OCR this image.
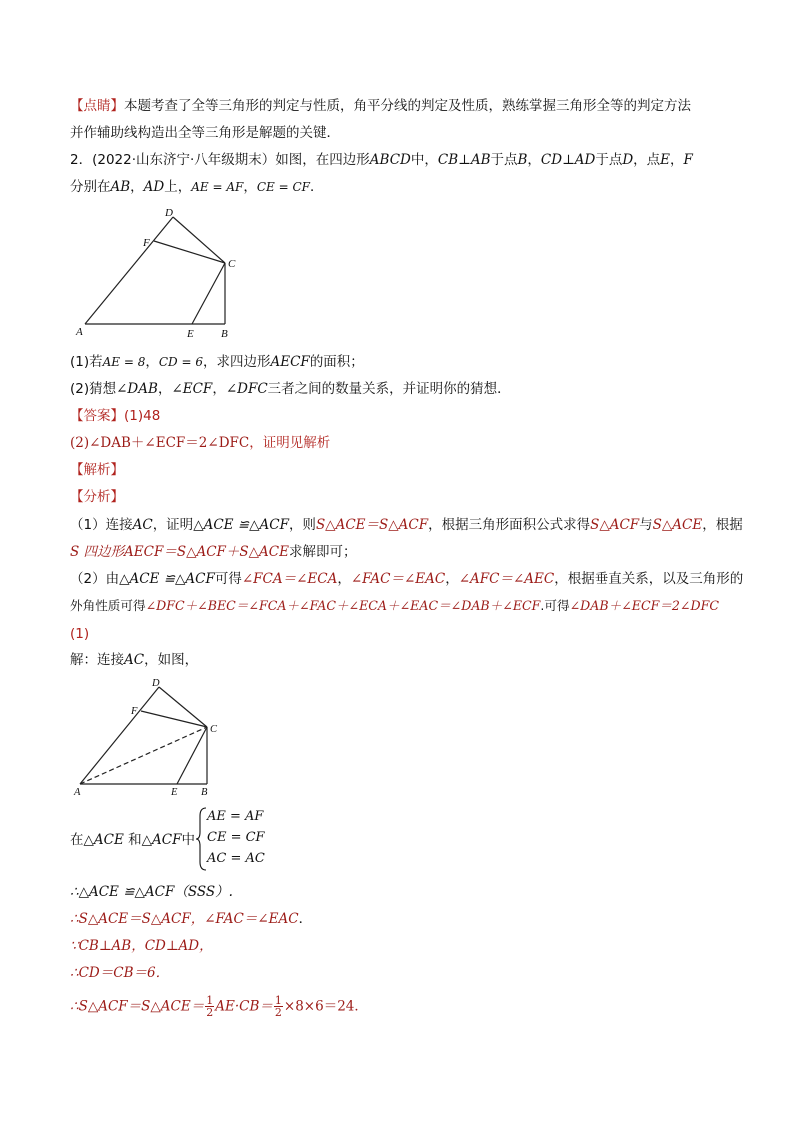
【点睛】本题考查了全等三角形的判定与性质，角平分线的判定及性质，熟练掌握三角形全等的判定方法
并作辅助线构造出全等三角形是解题的关键．
2．(2022·山东济宁·八年级期末）如图，在四边形ABCD中，CB⊥AB于点B，CD⊥AD于点D，点E，F
分别在AB，AD上，AE = AF，CE = CF．
A	B
C
D
E
F
(1)若AE = 8，CD = 6，求四边形AECF的面积；
(2)猜想∠DAB，∠ECF，∠DFC三者之间的数量关系，并证明你的猜想．
【答案】(1)48
(2)∠DAB＋∠ECF＝2∠DFC，证明见解析
【解析】
【分析】
（1）连接AC，证明△ACE ≌△ACF，则S△ACE＝S△ACF，根据三角形面积公式求得S△ACF与S△ACE，根据
S 四边形AECF＝S△ACF＋S△ACE求解即可；
（2）由△ACE ≌△ACF可得∠FCA＝∠ECA，∠FAC＝∠EAC，∠AFC＝∠AEC，根据垂直关系，以及三角形的
外角性质可得∠DFC＋∠BEC＝∠FCA＋∠FAC＋∠ECA＋∠EAC＝∠DAB＋∠ECF.可得∠DAB＋∠ECF＝2∠DFC
(1)
解：连接AC，如图，
A	B
C
D
E
F
在△ACE 和△ACF中
AE = AF
CE = CF
AC = AC
∴△ACE ≌△ACF（SSS）.
∴S△ACE＝S△ACF，∠FAC＝∠EAC．
∵CB⊥AB，CD⊥AD，
∴CD＝CB＝6．
∴S△ACF＝S△ACE＝ $\frac{1}{2} AE\cdot CB= \frac{1}{2} \times 8\times 6=24$．
